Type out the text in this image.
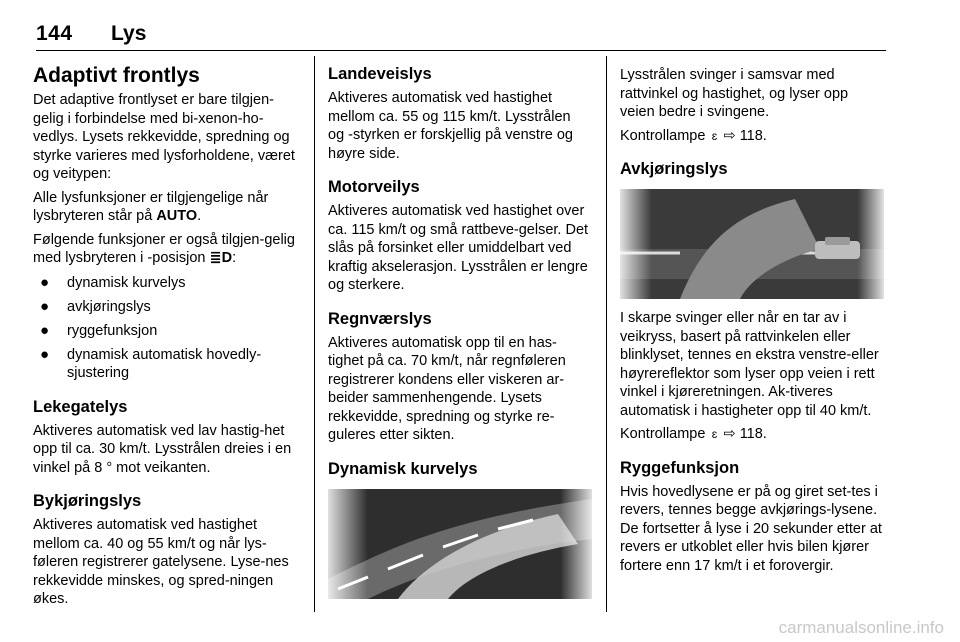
144 Lys
Adaptivt frontlys

Det adaptive frontlyset er bare tilgjen-gelig i forbindelse med bi-xenon-ho-vedlys. Lysets rekkevidde, spredning og styrke varieres med lysforholdene, været og veitypen:

Alle lysfunksjoner er tilgjengelige når lysbryteren står på AUTO.

Følgende funksjoner er også tilgjen-gelig med lysbryteren i -posisjon ≣D:

● dynamisk kurvelys
● avkjøringslys
● ryggefunksjon
● dynamisk automatisk hovedly-sjustering
Lekegatelys

Aktiveres automatisk ved lav hastig-het opp til ca. 30 km/t. Lysstrålen dreies i en vinkel på 8 ° mot veikanten.

Bykjøringslys

Aktiveres automatisk ved hastighet mellom ca. 40 og 55 km/t og når lys-føleren registrerer gatelysene. Lyse-nes rekkevidde minskes, og spred-ningen økes.

Landeveislys

Aktiveres automatisk ved hastighet mellom ca. 55 og 115 km/t. Lysstrålen og -styrken er forskjellig på venstre og høyre side.

Motorveilys

Aktiveres automatisk ved hastighet over ca. 115 km/t og små rattbeve-gelser. Det slås på forsinket eller umiddelbart ved kraftig akselerasjon. Lysstrålen er lengre og sterkere.

Regnværslys

Aktiveres automatisk opp til en has-tighet på ca. 70 km/t, når regnføleren registrerer kondens eller viskeren ar-beider sammenhengende. Lysets rekkevidde, spredning og styrke re-guleres etter sikten.

Dynamisk kurvelys

Lysstrålen svinger i samsvar med rattvinkel og hastighet, og lyser opp veien bedre i svingene.

Kontrollampe ɛ ⇨ 118.

Avkjøringslys

I skarpe svinger eller når en tar av i veikryss, basert på rattvinkelen eller blinklyset, tennes en ekstra venstre-eller høyrereflektor som lyser opp veien i rett vinkel i kjøreretningen. Ak-tiveres automatisk i hastigheter opp til 40 km/t.

Kontrollampe ɛ ⇨ 118.

Ryggefunksjon

Hvis hovedlysene er på og giret set-tes i revers, tennes begge avkjørings-lysene. De fortsetter å lyse i 20 sekunder etter at revers er utkoblet eller hvis bilen kjører fortere enn 17 km/t i et forovergir.

carmanualsonline.info
